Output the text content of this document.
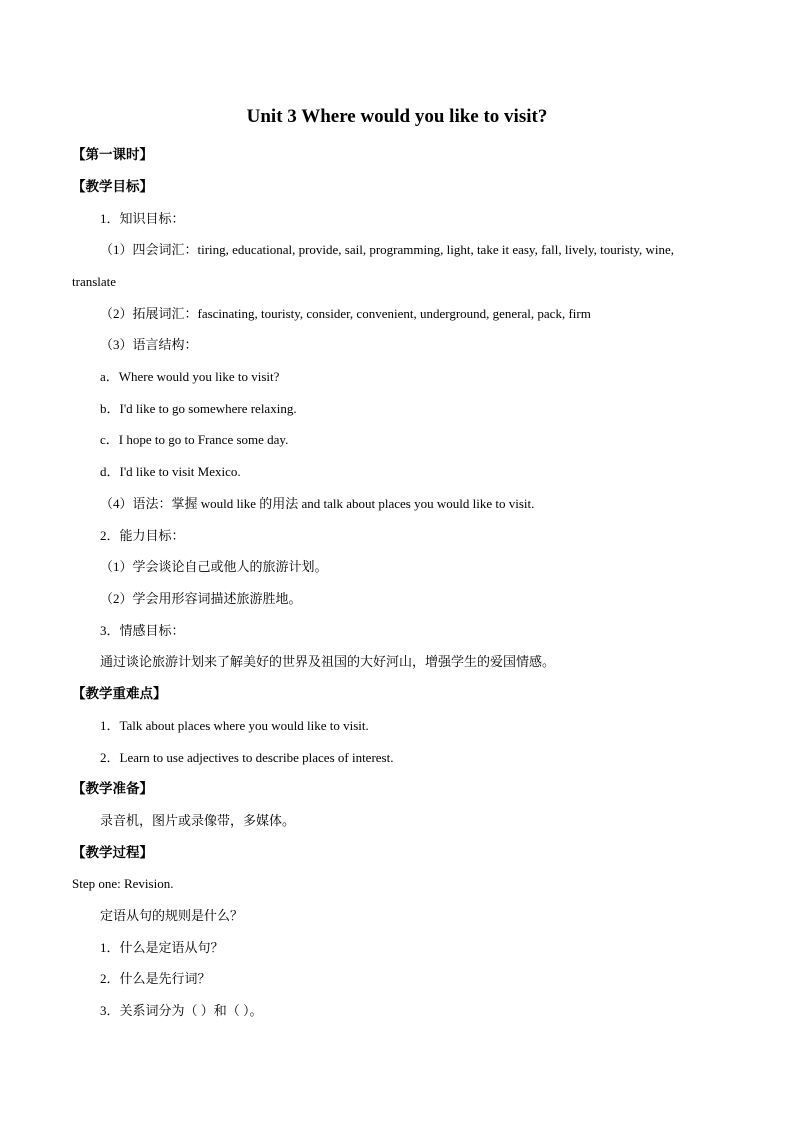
Unit 3 Where would you like to visit?
【第一课时】
【教学目标】
1．知识目标：
（1）四会词汇：tiring, educational, provide, sail, programming, light, take it easy, fall, lively, touristy, wine,
translate
（2）拓展词汇：fascinating, touristy, consider, convenient, underground, general, pack, firm
（3）语言结构：
a．Where would you like to visit?
b．I'd like to go somewhere relaxing.
c．I hope to go to France some day.
d．I'd like to visit Mexico.
（4）语法：掌握 would like 的用法 and talk about places you would like to visit.
2．能力目标：
（1）学会谈论自己或他人的旅游计划。
（2）学会用形容词描述旅游胜地。
3．情感目标：
通过谈论旅游计划来了解美好的世界及祖国的大好河山，增强学生的爱国情感。
【教学重难点】
1．Talk about places where you would like to visit.
2．Learn to use adjectives to describe places of interest.
【教学准备】
录音机，图片或录像带，多媒体。
【教学过程】
Step one: Revision.
定语从句的规则是什么？
1．什么是定语从句？
2．什么是先行词？
3．关系词分为（ ）和（ ）。
